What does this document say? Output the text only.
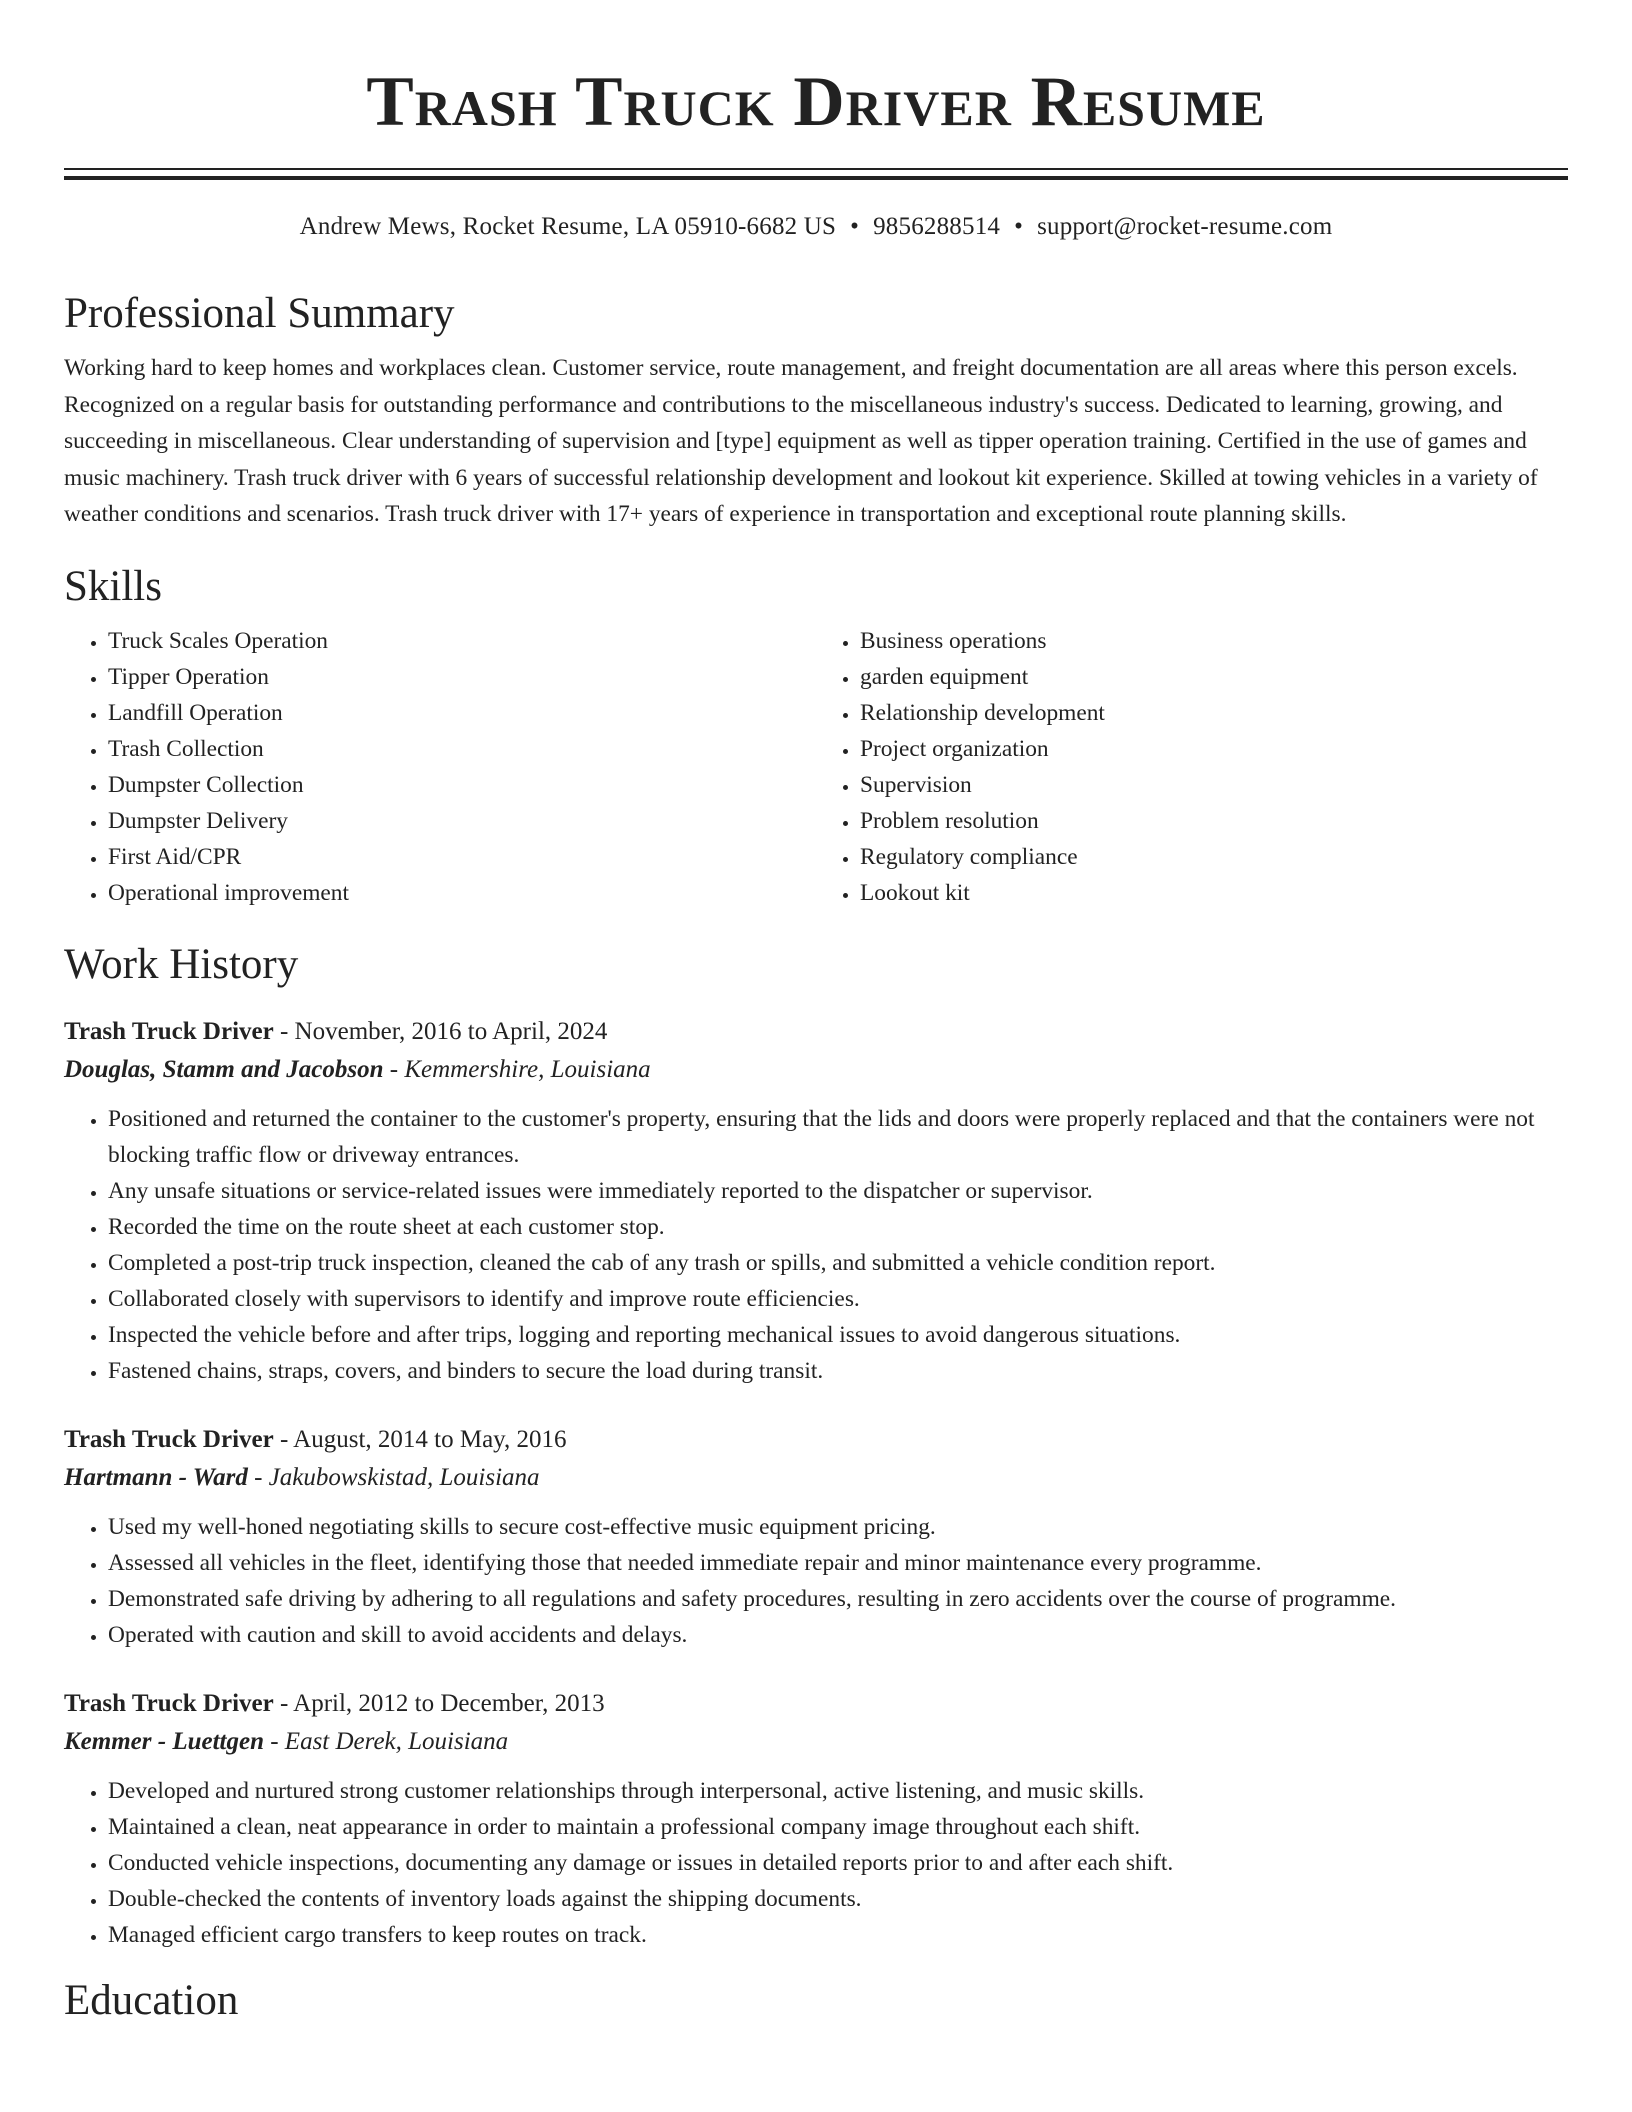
Trash Truck Driver Resume
Andrew Mews, Rocket Resume, LA 05910-6682 US • 9856288514 • support@rocket-resume.com
Professional Summary

Working hard to keep homes and workplaces clean. Customer service, route management, and freight documentation are all areas where this person excels. Recognized on a regular basis for outstanding performance and contributions to the miscellaneous industry's success. Dedicated to learning, growing, and succeeding in miscellaneous. Clear understanding of supervision and [type] equipment as well as tipper operation training. Certified in the use of games and music machinery. Trash truck driver with 6 years of successful relationship development and lookout kit experience. Skilled at towing vehicles in a variety of weather conditions and scenarios. Trash truck driver with 17+ years of experience in transportation and exceptional route planning skills.

Skills
• Truck Scales Operation
• Tipper Operation
• Landfill Operation
• Trash Collection
• Dumpster Collection
• Dumpster Delivery
• First Aid/CPR
• Operational improvement
• Business operations
• garden equipment
• Relationship development
• Project organization
• Supervision
• Problem resolution
• Regulatory compliance
• Lookout kit
Work History
Trash Truck Driver - November, 2016 to April, 2024
Douglas, Stamm and Jacobson - Kemmershire, Louisiana
• Positioned and returned the container to the customer's property, ensuring that the lids and doors were properly replaced and that the containers were not blocking traffic flow or driveway entrances.
• Any unsafe situations or service-related issues were immediately reported to the dispatcher or supervisor.
• Recorded the time on the route sheet at each customer stop.
• Completed a post-trip truck inspection, cleaned the cab of any trash or spills, and submitted a vehicle condition report.
• Collaborated closely with supervisors to identify and improve route efficiencies.
• Inspected the vehicle before and after trips, logging and reporting mechanical issues to avoid dangerous situations.
• Fastened chains, straps, covers, and binders to secure the load during transit.
Trash Truck Driver - August, 2014 to May, 2016
Hartmann - Ward - Jakubowskistad, Louisiana
• Used my well-honed negotiating skills to secure cost-effective music equipment pricing.
• Assessed all vehicles in the fleet, identifying those that needed immediate repair and minor maintenance every programme.
• Demonstrated safe driving by adhering to all regulations and safety procedures, resulting in zero accidents over the course of programme.
• Operated with caution and skill to avoid accidents and delays.
Trash Truck Driver - April, 2012 to December, 2013
Kemmer - Luettgen - East Derek, Louisiana
• Developed and nurtured strong customer relationships through interpersonal, active listening, and music skills.
• Maintained a clean, neat appearance in order to maintain a professional company image throughout each shift.
• Conducted vehicle inspections, documenting any damage or issues in detailed reports prior to and after each shift.
• Double-checked the contents of inventory loads against the shipping documents.
• Managed efficient cargo transfers to keep routes on track.
Education
